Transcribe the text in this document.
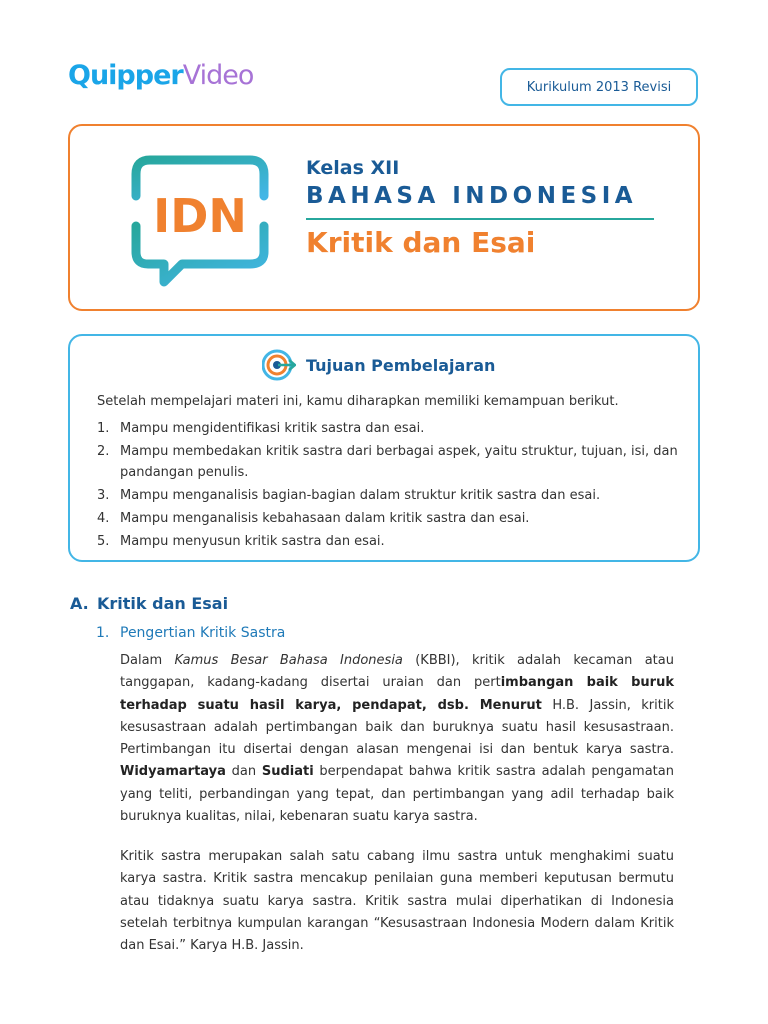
QuipperVideo	Kurikulum 2013 Revisi
IDN
Kelas XII
BAHASA INDONESIA
Kritik dan Esai
Tujuan Pembelajaran
Setelah mempelajari materi ini, kamu diharapkan memiliki kemampuan berikut.
1. Mampu mengidentifikasi kritik sastra dan esai.
2. Mampu membedakan kritik sastra dari berbagai aspek, yaitu struktur, tujuan, isi, dan pandangan penulis.
3. Mampu menganalisis bagian-bagian dalam struktur kritik sastra dan esai.
4. Mampu menganalisis kebahasaan dalam kritik sastra dan esai.
5. Mampu menyusun kritik sastra dan esai.
A. Kritik dan Esai
1. Pengertian Kritik Sastra

Dalam Kamus Besar Bahasa Indonesia (KBBI), kritik adalah kecaman atau tanggapan, kadang-kadang disertai uraian dan pertimbangan baik buruk terhadap suatu hasil karya, pendapat, dsb. Menurut H.B. Jassin, kritik kesusastraan adalah pertimbangan baik dan buruknya suatu hasil kesusastraan. Pertimbangan itu disertai dengan alasan mengenai isi dan bentuk karya sastra. Widyamartaya dan Sudiati berpendapat bahwa kritik sastra adalah pengamatan yang teliti, perbandingan yang tepat, dan pertimbangan yang adil terhadap baik buruknya kualitas, nilai, kebenaran suatu karya sastra.

Kritik sastra merupakan salah satu cabang ilmu sastra untuk menghakimi suatu karya sastra. Kritik sastra mencakup penilaian guna memberi keputusan bermutu atau tidaknya suatu karya sastra. Kritik sastra mulai diperhatikan di Indonesia setelah terbitnya kumpulan karangan “Kesusastraan Indonesia Modern dalam Kritik dan Esai.” Karya H.B. Jassin.
